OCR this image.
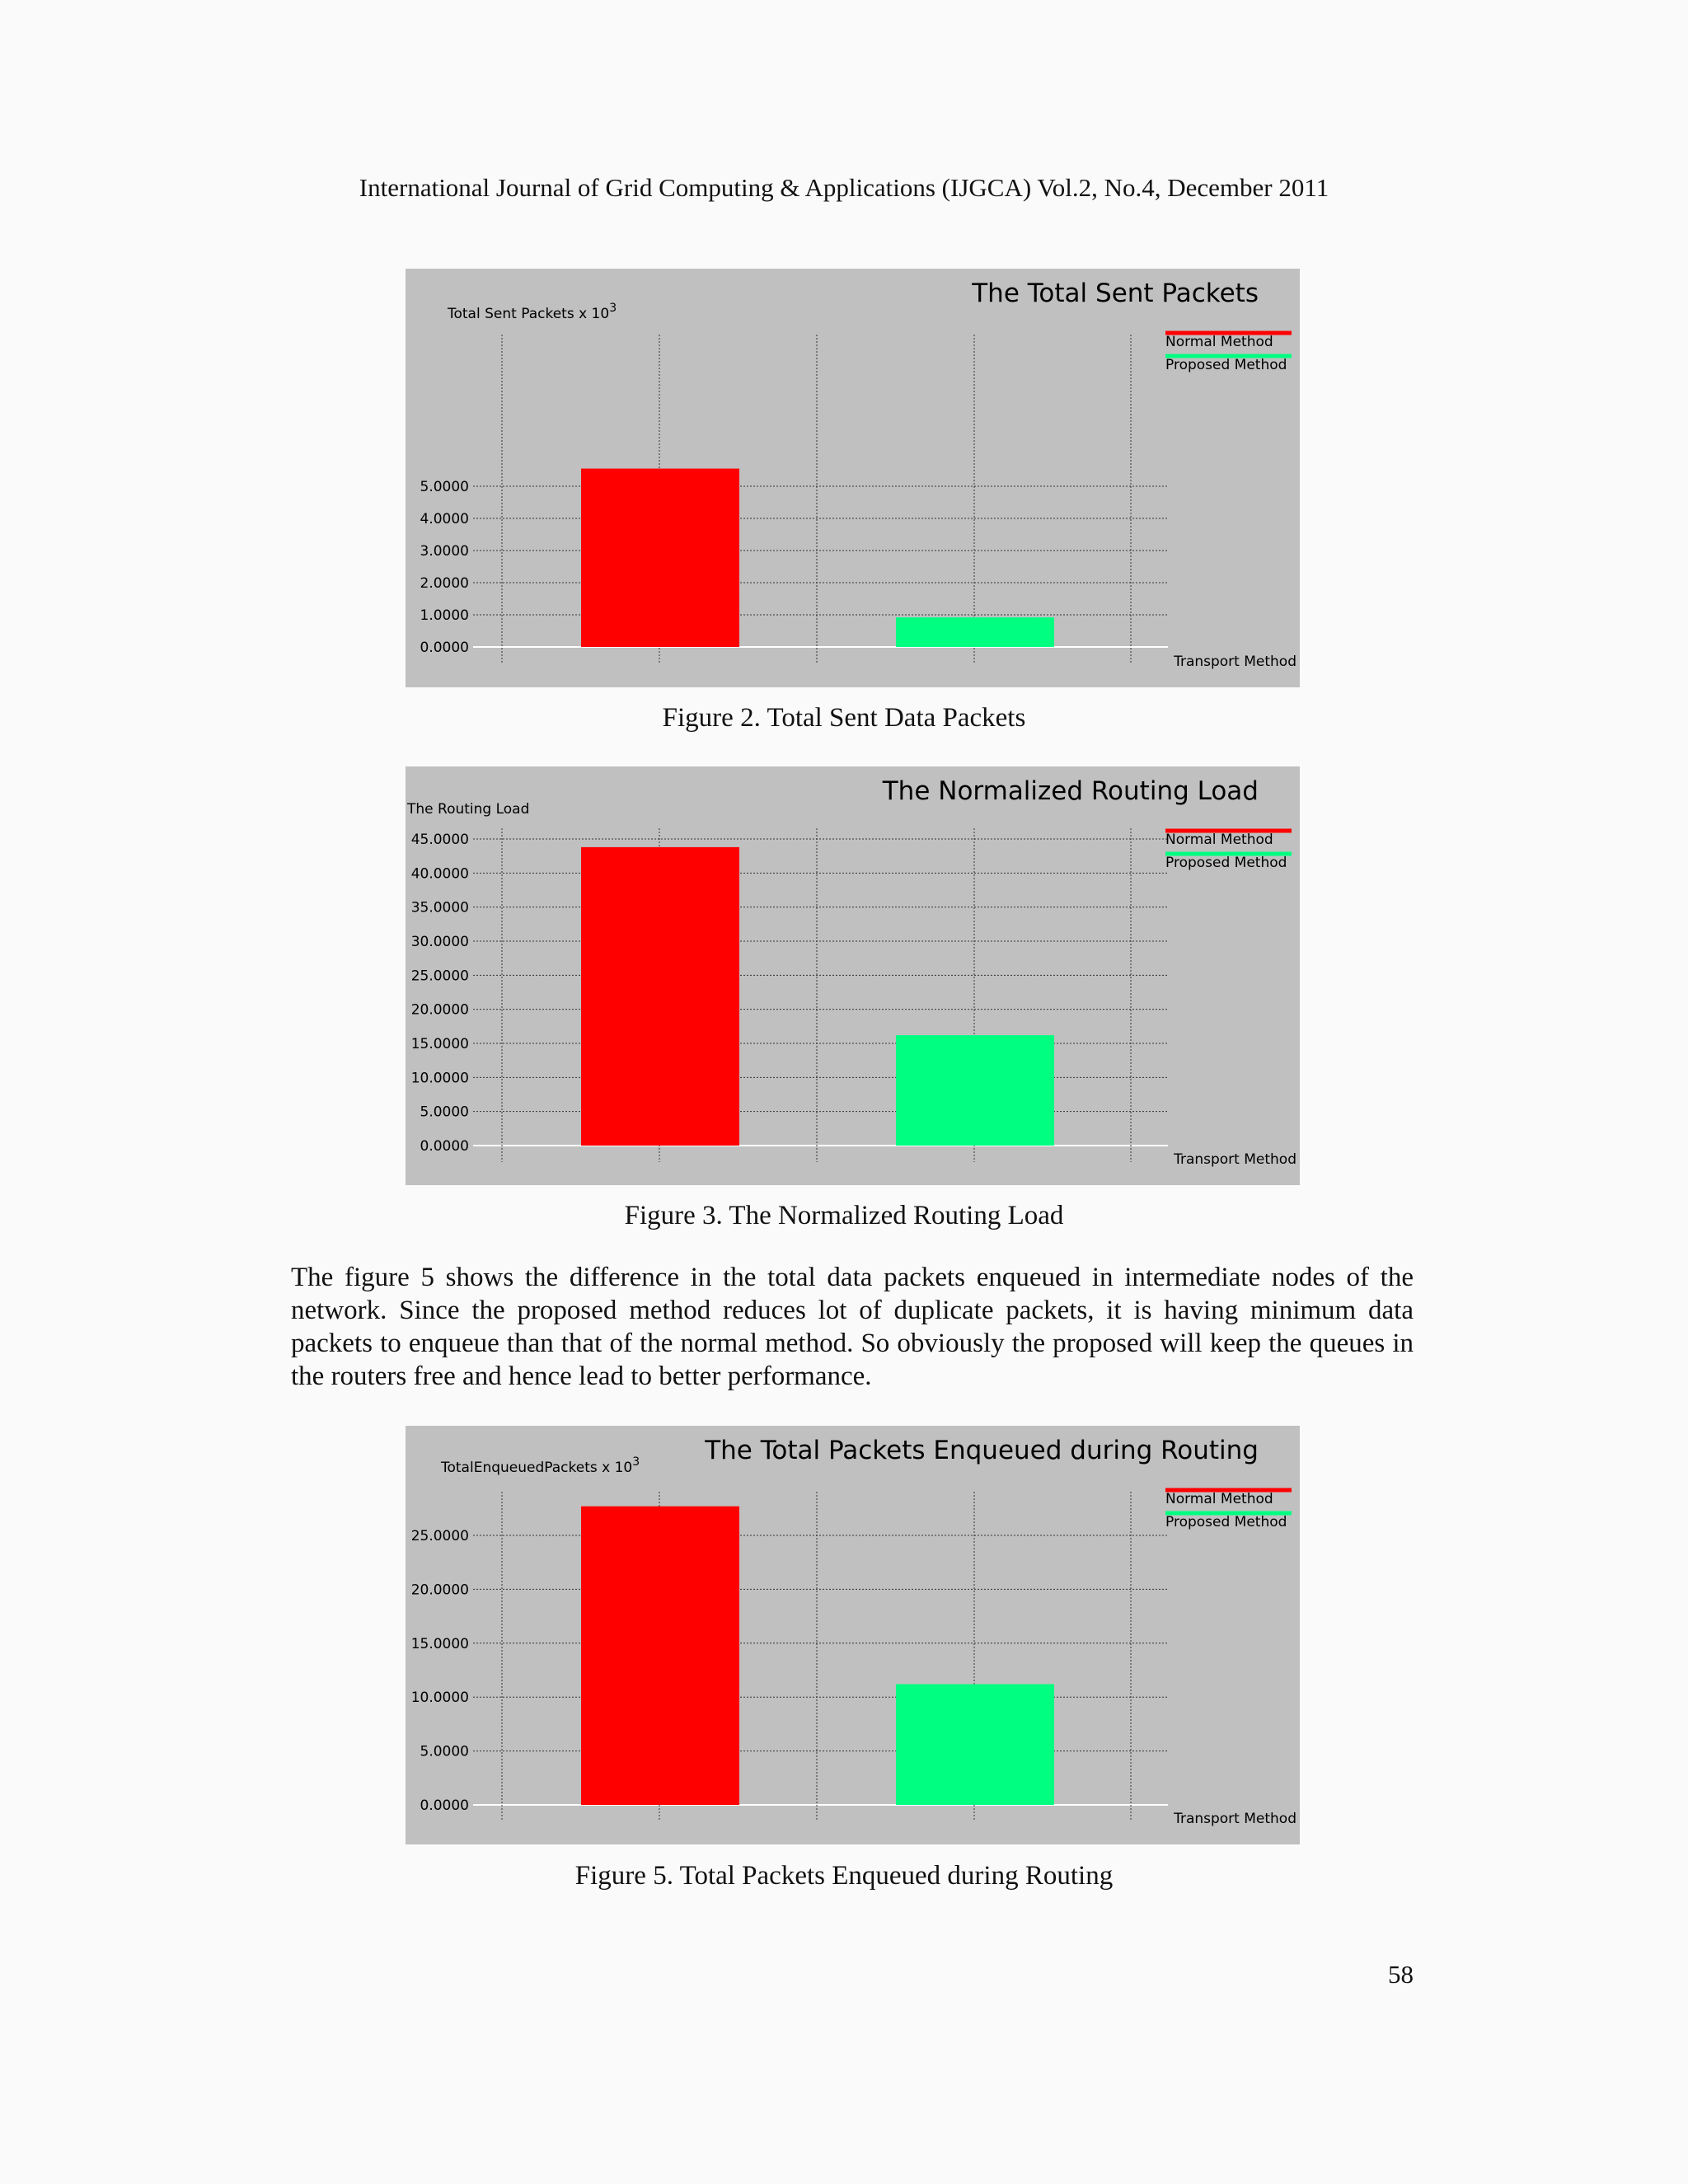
International Journal of Grid Computing & Applications (IJGCA) Vol.2, No.4, December 2011
The Total Sent Packets
Total Sent Packets x $10^3$
0.0000
1.0000
2.0000
3.0000
4.0000
5.0000
Normal Method
Proposed Method
Transport Method
Figure 2. Total Sent Data Packets
The Normalized Routing Load
The Routing Load
0.0000
5.0000
10.0000
15.0000
20.0000
25.0000
30.0000
35.0000
40.0000
45.0000	Normal Method
Proposed Method
Transport Method
Figure 3. The Normalized Routing Load
The figure 5 shows the difference in the total data packets enqueued in intermediate nodes of the network. Since the proposed method reduces lot of duplicate packets, it is having minimum data packets to enqueue than that of the normal method. So obviously the proposed will keep the queues in the routers free and hence lead to better performance.
The Total Packets Enqueued during Routing
TotalEnqueuedPackets x $10^3$
0.0000
5.0000
10.0000
15.0000
20.0000
25.0000
Normal Method
Proposed Method
Transport Method
Figure 5. Total Packets Enqueued during Routing
58
